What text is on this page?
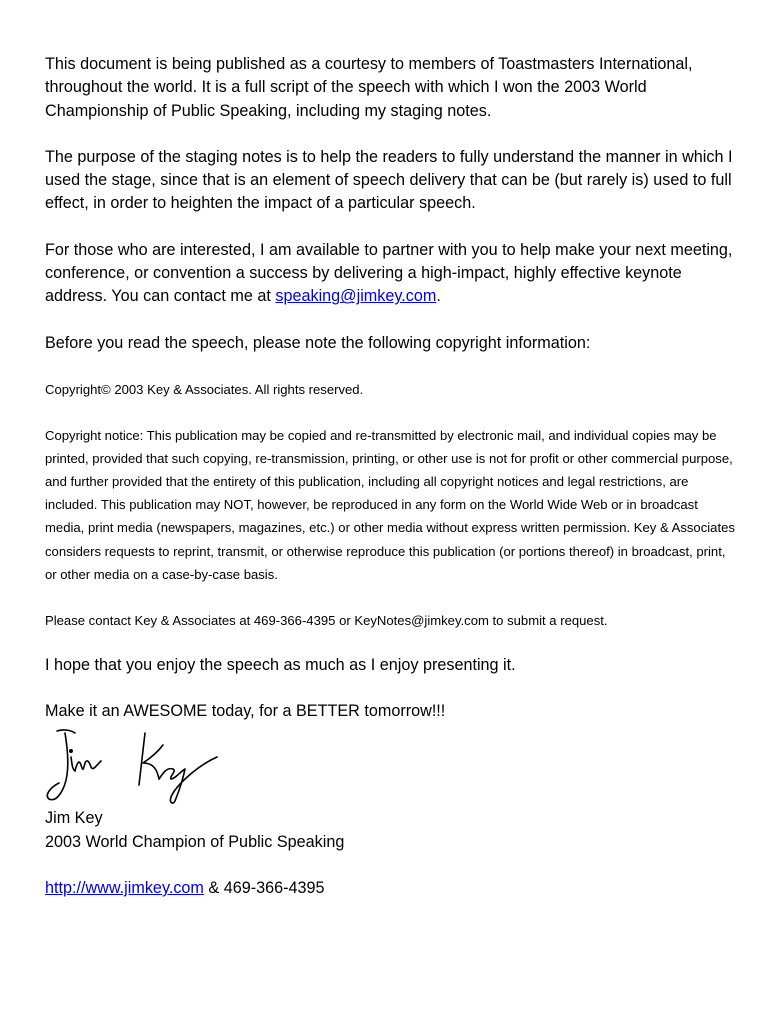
This document is being published as a courtesy to members of Toastmasters International, throughout the world. It is a full script of the speech with which I won the 2003 World Championship of Public Speaking, including my staging notes.

The purpose of the staging notes is to help the readers to fully understand the manner in which I used the stage, since that is an element of speech delivery that can be (but rarely is) used to full effect, in order to heighten the impact of a particular speech.

For those who are interested, I am available to partner with you to help make your next meeting, conference, or convention a success by delivering a high-impact, highly effective keynote address. You can contact me at speaking@jimkey.com.

Before you read the speech, please note the following copyright information:

Copyright© 2003 Key & Associates. All rights reserved.

Copyright notice: This publication may be copied and re-transmitted by electronic mail, and individual copies may be printed, provided that such copying, re-transmission, printing, or other use is not for profit or other commercial purpose, and further provided that the entirety of this publication, including all copyright notices and legal restrictions, are included. This publication may NOT, however, be reproduced in any form on the World Wide Web or in broadcast media, print media (newspapers, magazines, etc.) or other media without express written permission. Key & Associates considers requests to reprint, transmit, or otherwise reproduce this publication (or portions thereof) in broadcast, print, or other media on a case-by-case basis.

Please contact Key & Associates at 469-366-4395 or KeyNotes@jimkey.com to submit a request.

I hope that you enjoy the speech as much as I enjoy presenting it.

Make it an AWESOME today, for a BETTER tomorrow!!!

Jim Key

2003 World Champion of Public Speaking

http://www.jimkey.com & 469-366-4395
